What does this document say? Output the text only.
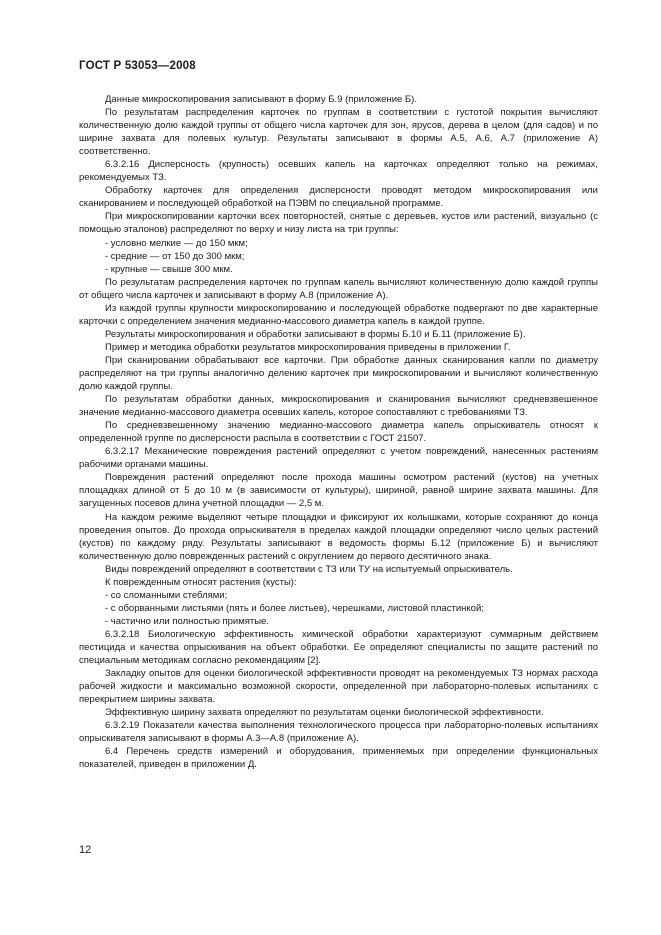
ГОСТ Р 53053—2008

Данные микроскопирования записывают в форму Б.9 (приложение Б).

По результатам распределения карточек по группам в соответствии с густотой покрытия вычисляют количественную долю каждой группы от общего числа карточек для зон, ярусов, дерева в целом (для садов) и по ширине захвата для полевых культур. Результаты записывают в формы А.5, А.6, А.7 (приложение А) соответственно.

6.3.2.16 Дисперсность (крупность) осевших капель на карточках определяют только на режимах, рекомендуемых ТЗ.

Обработку карточек для определения дисперсности проводят методом микроскопирования или сканированием и последующей обработкой на ПЭВМ по специальной программе.

При микроскопировании карточки всех повторностей, снятые с деревьев, кустов или растений, визуально (с помощью эталонов) распределяют по верху и низу листа на три группы:

- условно мелкие — до 150 мкм;

- средние — от 150 до 300 мкм;

- крупные — свыше 300 мкм.

По результатам распределения карточек по группам капель вычисляют количественную долю каждой группы от общего числа карточек и записывают в форму А.8 (приложение А).

Из каждой группы крупности микроскопированию и последующей обработке подвергают по две характерные карточки с определением значения медианно-массового диаметра капель в каждой группе.

Результаты микроскопирования и обработки записывают в формы Б.10 и Б.11 (приложение Б).

Пример и методика обработки результатов микроскопирования приведены в приложении Г.

При сканировании обрабатывают все карточки. При обработке данных сканирования капли по диаметру распределяют на три группы аналогично делению карточек при микроскопировании и вычисляют количественную долю каждой группы.

По результатам обработки данных, микроскопирования и сканирования вычисляют средневзвешенное значение медианно-массового диаметра осевших капель, которое сопоставляют с требованиями ТЗ.

По средневзвешенному значению медианно-массового диаметра капель опрыскиватель относят к определенной группе по дисперсности распыла в соответствии с ГОСТ 21507.

6.3.2.17 Механические повреждения растений определяют с учетом повреждений, нанесенных растениям рабочими органами машины.

Повреждения растений определяют после прохода машины осмотром растений (кустов) на учетных площадках длиной от 5 до 10 м (в зависимости от культуры), шириной, равной ширине захвата машины. Для загущенных посевов длина учетной площадки — 2,5 м.

На каждом режиме выделяют четыре площадки и фиксируют их колышками, которые сохраняют до конца проведения опытов. До прохода опрыскивателя в пределах каждой площадки определяют число целых растений (кустов) по каждому ряду. Результаты записывают в ведомость формы Б.12 (приложение Б) и вычисляют количественную долю поврежденных растений с округлением до первого десятичного знака.

Виды повреждений определяют в соответствии с ТЗ или ТУ на испытуемый опрыскиватель.

К поврежденным относят растения (кусты):

- со сломанными стеблями;

- с оборванными листьями (пять и более листьев), черешками, листовой пластинкой;

- частично или полностью примятые.

6.3.2.18 Биологическую эффективность химической обработки характеризуют суммарным действием пестицида и качества опрыскивания на объект обработки. Ее определяют специалисты по защите растений по специальным методикам согласно рекомендациям [2].

Закладку опытов для оценки биологической эффективности проводят на рекомендуемых ТЗ нормах расхода рабочей жидкости и максимально возможной скорости, определенной при лабораторно-полевых испытаниях с перекрытием ширины захвата.

Эффективную ширину захвата определяют по результатам оценки биологической эффективности.

6.3.2.19 Показатели качества выполнения технологического процесса при лабораторно-полевых испытаниях опрыскивателя записывают в формы А.3—А.8 (приложение А).

6.4 Перечень средств измерений и оборудования, применяемых при определении функциональных показателей, приведен в приложении Д.

12
